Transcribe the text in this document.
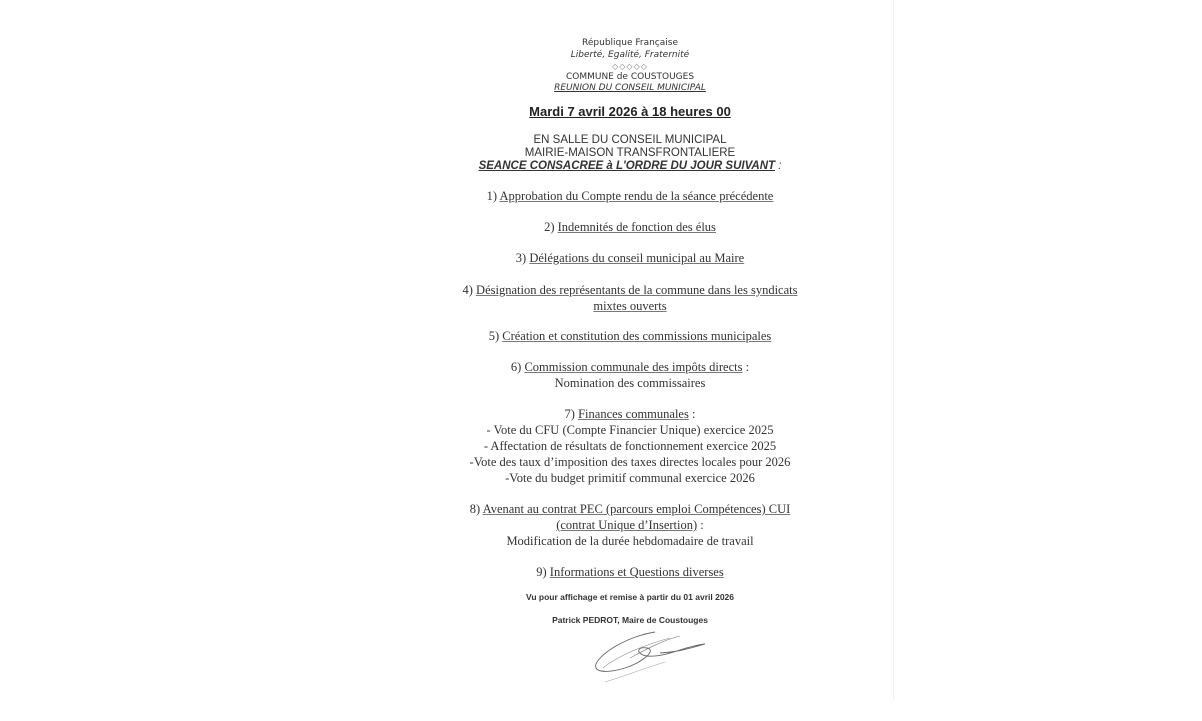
République Française
Liberté, Egalité, Fraternité
◇◇◇◇◇
COMMUNE de COUSTOUGES
REUNION DU CONSEIL MUNICIPAL
Mardi 7 avril 2026 à 18 heures 00
EN SALLE DU CONSEIL MUNICIPAL
MAIRIE-MAISON TRANSFRONTALIERE
SEANCE CONSACREE à L'ORDRE DU JOUR SUIVANT :
1) Approbation du Compte rendu de la séance précédente
2) Indemnités de fonction des élus
3) Délégations du conseil municipal au Maire
4) Désignation des représentants de la commune dans les syndicats
mixtes ouverts
5) Création et constitution des commissions municipales
6) Commission communale des impôts directs :
Nomination des commissaires
7) Finances communales :
- Vote du CFU (Compte Financier Unique) exercice 2025
- Affectation de résultats de fonctionnement exercice 2025
-Vote des taux d’imposition des taxes directes locales pour 2026
-Vote du budget primitif communal exercice 2026
8) Avenant au contrat PEC (parcours emploi Compétences) CUI
(contrat Unique d’Insertion) :
Modification de la durée hebdomadaire de travail
9) Informations et Questions diverses
Vu pour affichage et remise à partir du 01 avril 2026
Patrick PEDROT, Maire de Coustouges
